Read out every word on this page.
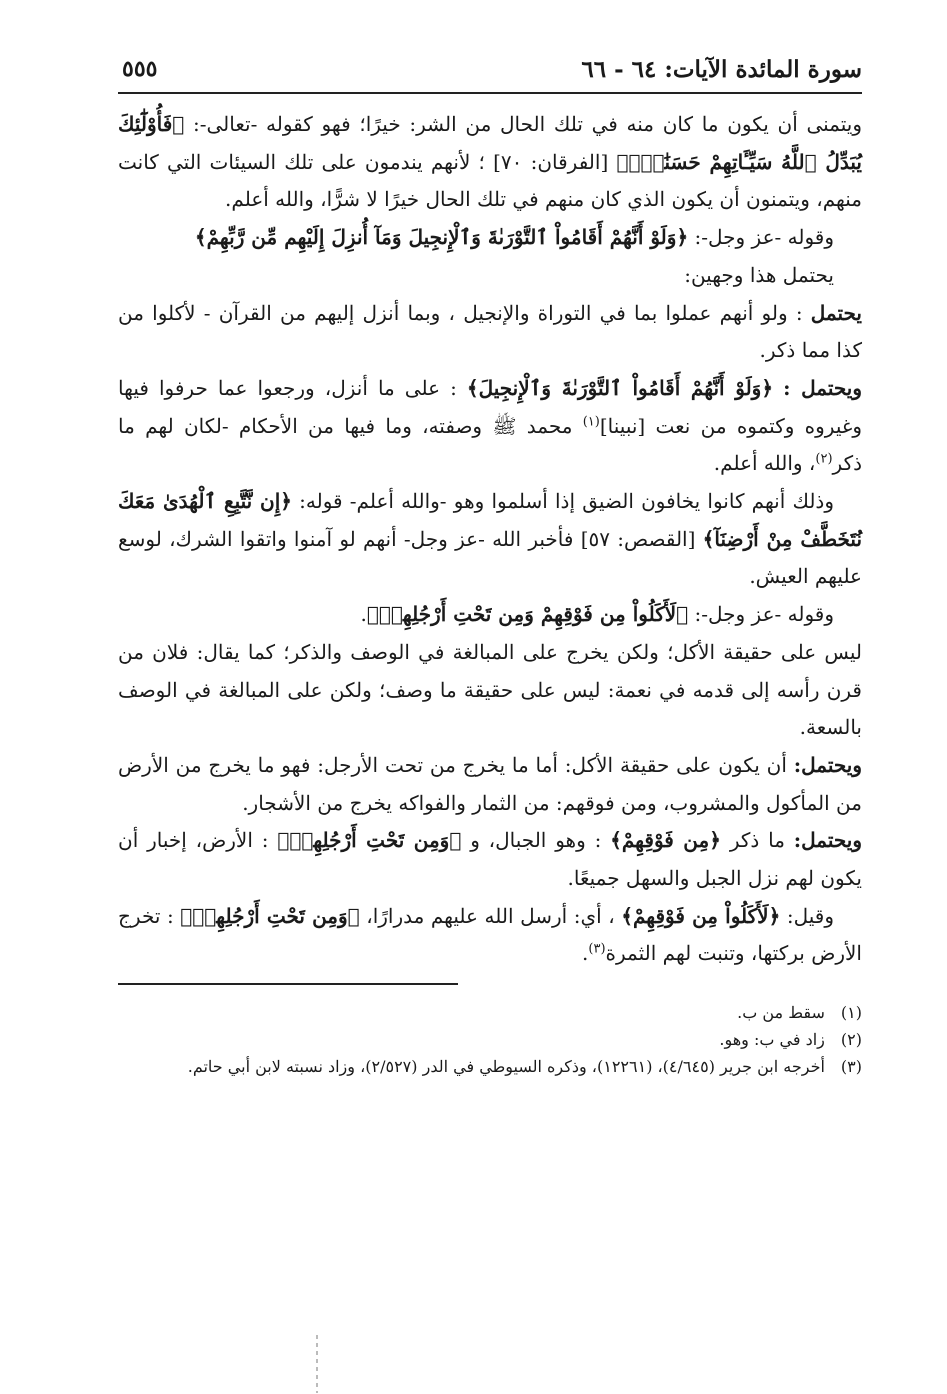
سورة المائدة الآيات: ٦٤ - ٦٦
٥٥٥

ويتمنى أن يكون ما كان منه في تلك الحال من الشر: خيرًا؛ فهو كقوله -تعالى-: ﴿فَأُوْلَٰٓئِكَ يُبَدِّلُ ٱللَّهُ سَيِّـَٔاتِهِمْ حَسَنَٰتٍۗ﴾ [الفرقان: ٧٠] ؛ لأنهم يندمون على تلك السيئات التي كانت منهم، ويتمنون أن يكون الذي كان منهم في تلك الحال خيرًا لا شرًّا، والله أعلم.

وقوله -عز وجل-: ﴿وَلَوْ أَنَّهُمْ أَقَامُواْ ٱلتَّوْرَىٰةَ وَٱلْإِنجِيلَ وَمَآ أُنزِلَ إِلَيْهِم مِّن رَّبِّهِمْ﴾

يحتمل هذا وجهين:

يحتمل : ولو أنهم عملوا بما في التوراة والإنجيل ، وبما أنزل إليهم من القرآن - لأكلوا من كذا مما ذكر.

ويحتمل : ﴿وَلَوْ أَنَّهُمْ أَقَامُواْ ٱلتَّوْرَىٰةَ وَٱلْإِنجِيلَ﴾ : على ما أنزل، ورجعوا عما حرفوا فيها وغيروه وكتموه من نعت [نبينا]$^{(١)}$ محمد ﷺ وصفته، وما فيها من الأحكام -لكان لهم ما ذكر$^{(٢)}$، والله أعلم.

وذلك أنهم كانوا يخافون الضيق إذا أسلموا وهو -والله أعلم- قوله: ﴿إِن نَّتَّبِعِ ٱلْهُدَىٰ مَعَكَ نُتَخَطَّفْ مِنْ أَرْضِنَآ﴾ [القصص: ٥٧] فأخبر الله -عز وجل- أنهم لو آمنوا واتقوا الشرك، لوسع عليهم العيش.

وقوله -عز وجل-: ﴿لَأَكَلُواْ مِن فَوْقِهِمْ وَمِن تَحْتِ أَرْجُلِهِمۚ﴾.

ليس على حقيقة الأكل؛ ولكن يخرج على المبالغة في الوصف والذكر؛ كما يقال: فلان من قرن رأسه إلى قدمه في نعمة: ليس على حقيقة ما وصف؛ ولكن على المبالغة في الوصف بالسعة.

ويحتمل: أن يكون على حقيقة الأكل: أما ما يخرج من تحت الأرجل: فهو ما يخرج من الأرض من المأكول والمشروب، ومن فوقهم: من الثمار والفواكه يخرج من الأشجار.

ويحتمل: ما ذكر ﴿مِن فَوْقِهِمْ﴾ : وهو الجبال، و ﴿وَمِن تَحْتِ أَرْجُلِهِمۚ﴾ : الأرض، إخبار أن يكون لهم نزل الجبل والسهل جميعًا.

وقيل: ﴿لَأَكَلُواْ مِن فَوْقِهِمْ﴾ ، أي: أرسل الله عليهم مدرارًا، ﴿وَمِن تَحْتِ أَرْجُلِهِمۚ﴾ : تخرج الأرض بركتها، وتنبت لهم الثمرة$^{(٣)}$.

(١) سقط من ب.

(٢) زاد في ب: وهو.

(٣) أخرجه ابن جرير (٤/٦٤٥)، (١٢٢٦١)، وذكره السيوطي في الدر (٢/٥٢٧)، وزاد نسبته لابن أبي حاتم.
